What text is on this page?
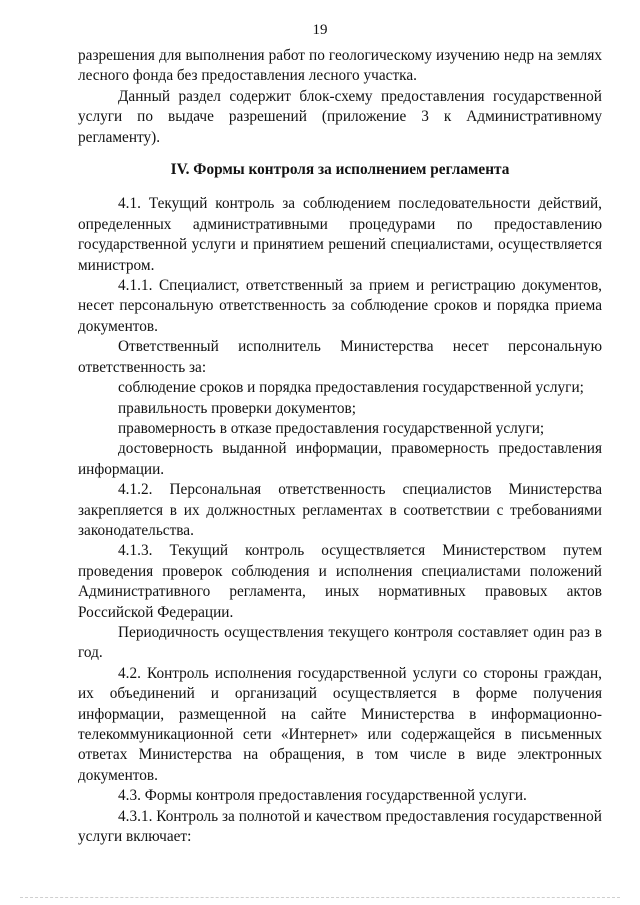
19

разрешения для выполнения работ по геологическому изучению недр на землях лесного фонда без предоставления лесного участка.

Данный раздел содержит блок-схему предоставления государственной услуги по выдаче разрешений (приложение 3 к Административному регламенту).

IV. Формы контроля за исполнением регламента

4.1. Текущий контроль за соблюдением последовательности действий, определенных административными процедурами по предоставлению государственной услуги и принятием решений специалистами, осуществляется министром.

4.1.1. Специалист, ответственный за прием и регистрацию документов, несет персональную ответственность за соблюдение сроков и порядка приема документов.

Ответственный исполнитель Министерства несет персональную ответственность за:

соблюдение сроков и порядка предоставления государственной услуги;

правильность проверки документов;

правомерность в отказе предоставления государственной услуги;

достоверность выданной информации, правомерность предоставления информации.

4.1.2. Персональная ответственность специалистов Министерства закрепляется в их должностных регламентах в соответствии с требованиями законодательства.

4.1.3. Текущий контроль осуществляется Министерством путем проведения проверок соблюдения и исполнения специалистами положений Административного регламента, иных нормативных правовых актов Российской Федерации.

Периодичность осуществления текущего контроля составляет один раз в год.

4.2. Контроль исполнения государственной услуги со стороны граждан, их объединений и организаций осуществляется в форме получения информации, размещенной на сайте Министерства в информационно-телекоммуникационной сети «Интернет» или содержащейся в письменных ответах Министерства на обращения, в том числе в виде электронных документов.

4.3. Формы контроля предоставления государственной услуги.

4.3.1. Контроль за полнотой и качеством предоставления государственной услуги включает:
